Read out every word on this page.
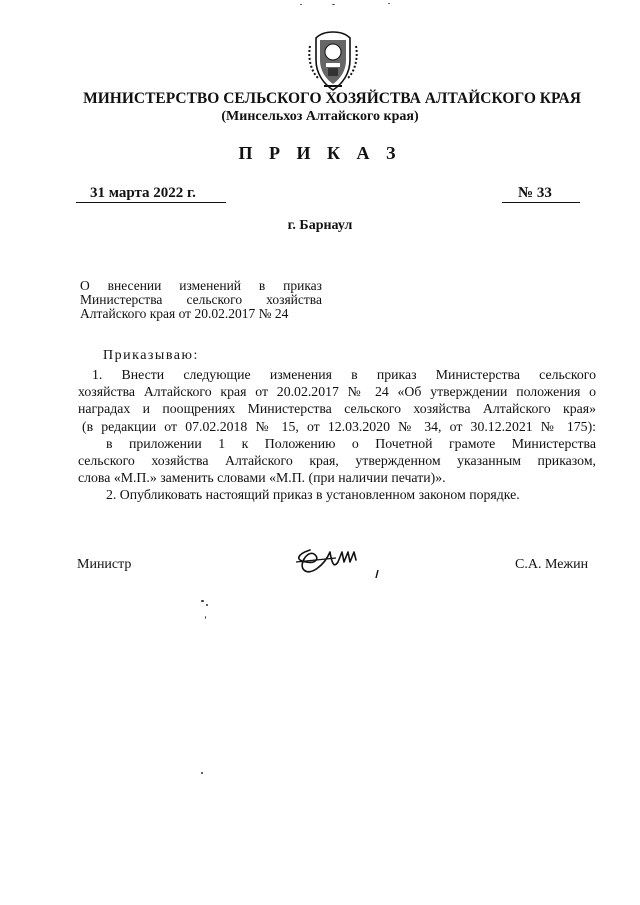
МИНИСТЕРСТВО СЕЛЬСКОГО ХОЗЯЙСТВА АЛТАЙСКОГО КРАЯ
(Минсельхоз Алтайского края)
П Р И К А З
31 марта 2022 г.	№ 33
г. Барнаул
О внесении изменений в приказ
Министерства сельского хозяйства
Алтайского края от 20.02.2017 № 24
Приказываю:
1. Внести следующие изменения в приказ Министерства сельского
хозяйства Алтайского края от 20.02.2017 № 24 «Об утверждении положения о
наградах и поощрениях Министерства сельского хозяйства Алтайского края»
(в редакции от 07.02.2018 № 15, от 12.03.2020 № 34, от 30.12.2021 № 175):
в приложении 1 к Положению о Почетной грамоте Министерства
сельского хозяйства Алтайского края, утвержденном указанным приказом,
слова «М.П.» заменить словами «М.П. (при наличии печати)».
2. Опубликовать настоящий приказ в установленном законом порядке.
Министр	С.А. Межин
